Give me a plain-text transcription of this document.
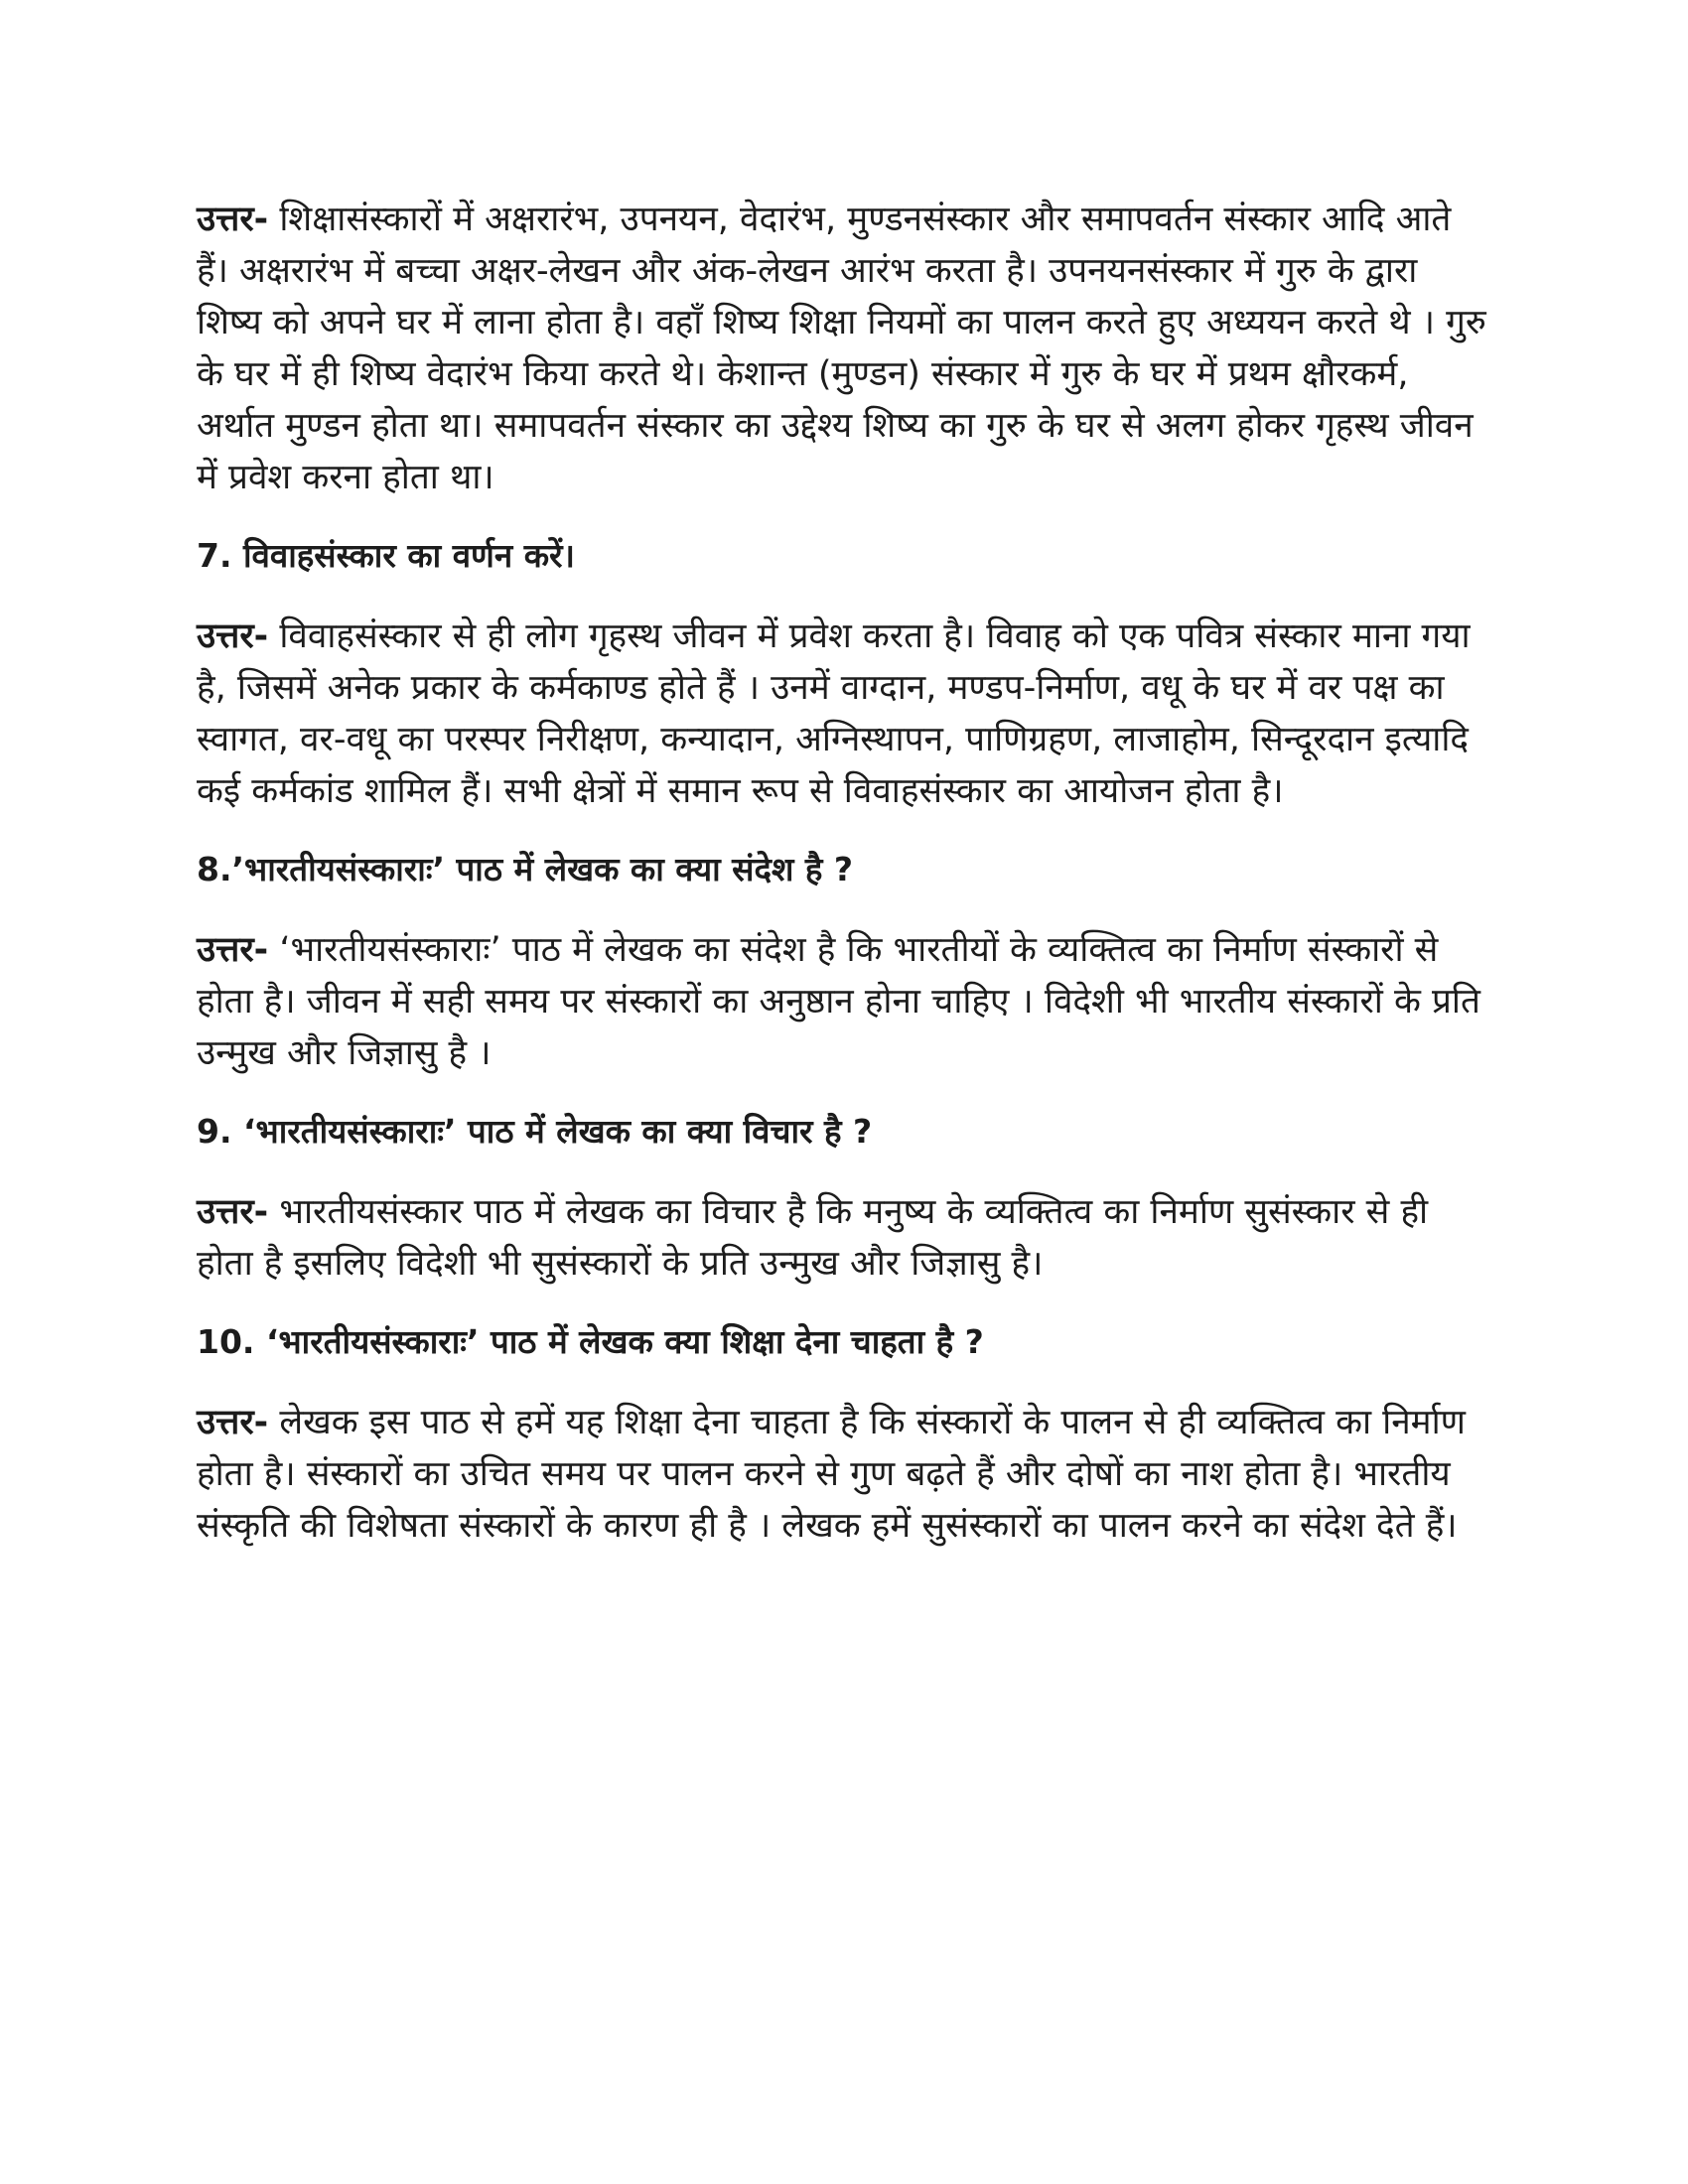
उत्तर- शिक्षासंस्कारों में अक्षरारंभ, उपनयन, वेदारंभ, मुण्डनसंस्कार और समापवर्तन संस्कार आदि आते हैं। अक्षरारंभ में बच्चा अक्षर-लेखन और अंक-लेखन आरंभ करता है। उपनयनसंस्कार में गुरु के द्वारा शिष्य को अपने घर में लाना होता है। वहाँ शिष्य शिक्षा नियमों का पालन करते हुए अध्ययन करते थे । गुरु के घर में ही शिष्य वेदारंभ किया करते थे। केशान्त (मुण्डन) संस्कार में गुरु के घर में प्रथम क्षौरकर्म, अर्थात मुण्डन होता था। समापवर्तन संस्कार का उद्देश्य शिष्य का गुरु के घर से अलग होकर गृहस्थ जीवन में प्रवेश करना होता था।

7. विवाहसंस्कार का वर्णन करें।

उत्तर- विवाहसंस्कार से ही लोग गृहस्थ जीवन में प्रवेश करता है। विवाह को एक पवित्र संस्कार माना गया है, जिसमें अनेक प्रकार के कर्मकाण्ड होते हैं । उनमें वाग्दान, मण्डप-निर्माण, वधू के घर में वर पक्ष का स्वागत, वर-वधू का परस्पर निरीक्षण, कन्यादान, अग्निस्थापन, पाणिग्रहण, लाजाहोम, सिन्दूरदान इत्यादि कई कर्मकांड शामिल हैं। सभी क्षेत्रों में समान रूप से विवाहसंस्कार का आयोजन होता है।

8.’भारतीयसंस्काराः’ पाठ में लेखक का क्या संदेश है ?

उत्तर- ‘भारतीयसंस्काराः’ पाठ में लेखक का संदेश है कि भारतीयों के व्यक्तित्व का निर्माण संस्कारों से होता है। जीवन में सही समय पर संस्कारों का अनुष्ठान होना चाहिए । विदेशी भी भारतीय संस्कारों के प्रति उन्मुख और जिज्ञासु है ।

9. ‘भारतीयसंस्काराः’ पाठ में लेखक का क्या विचार है ?

उत्तर- भारतीयसंस्कार पाठ में लेखक का विचार है कि मनुष्य के व्यक्तित्व का निर्माण सुसंस्कार से ही होता है इसलिए विदेशी भी सुसंस्कारों के प्रति उन्मुख और जिज्ञासु है।

10. ‘भारतीयसंस्काराः’ पाठ में लेखक क्या शिक्षा देना चाहता है ?

उत्तर- लेखक इस पाठ से हमें यह शिक्षा देना चाहता है कि संस्कारों के पालन से ही व्यक्तित्व का निर्माण होता है। संस्कारों का उचित समय पर पालन करने से गुण बढ़ते हैं और दोषों का नाश होता है। भारतीय संस्कृति की विशेषता संस्कारों के कारण ही है । लेखक हमें सुसंस्कारों का पालन करने का संदेश देते हैं।
